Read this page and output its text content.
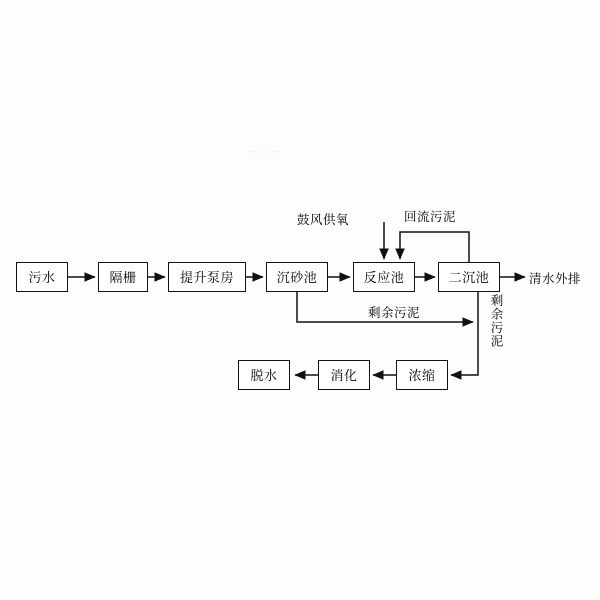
······
污水	隔栅	提升泵房	沉砂池	反应池	二沉池
浓缩
消化
脱水
鼓风供氧	回流污泥
清水外排
剩余污泥	剩余污泥
